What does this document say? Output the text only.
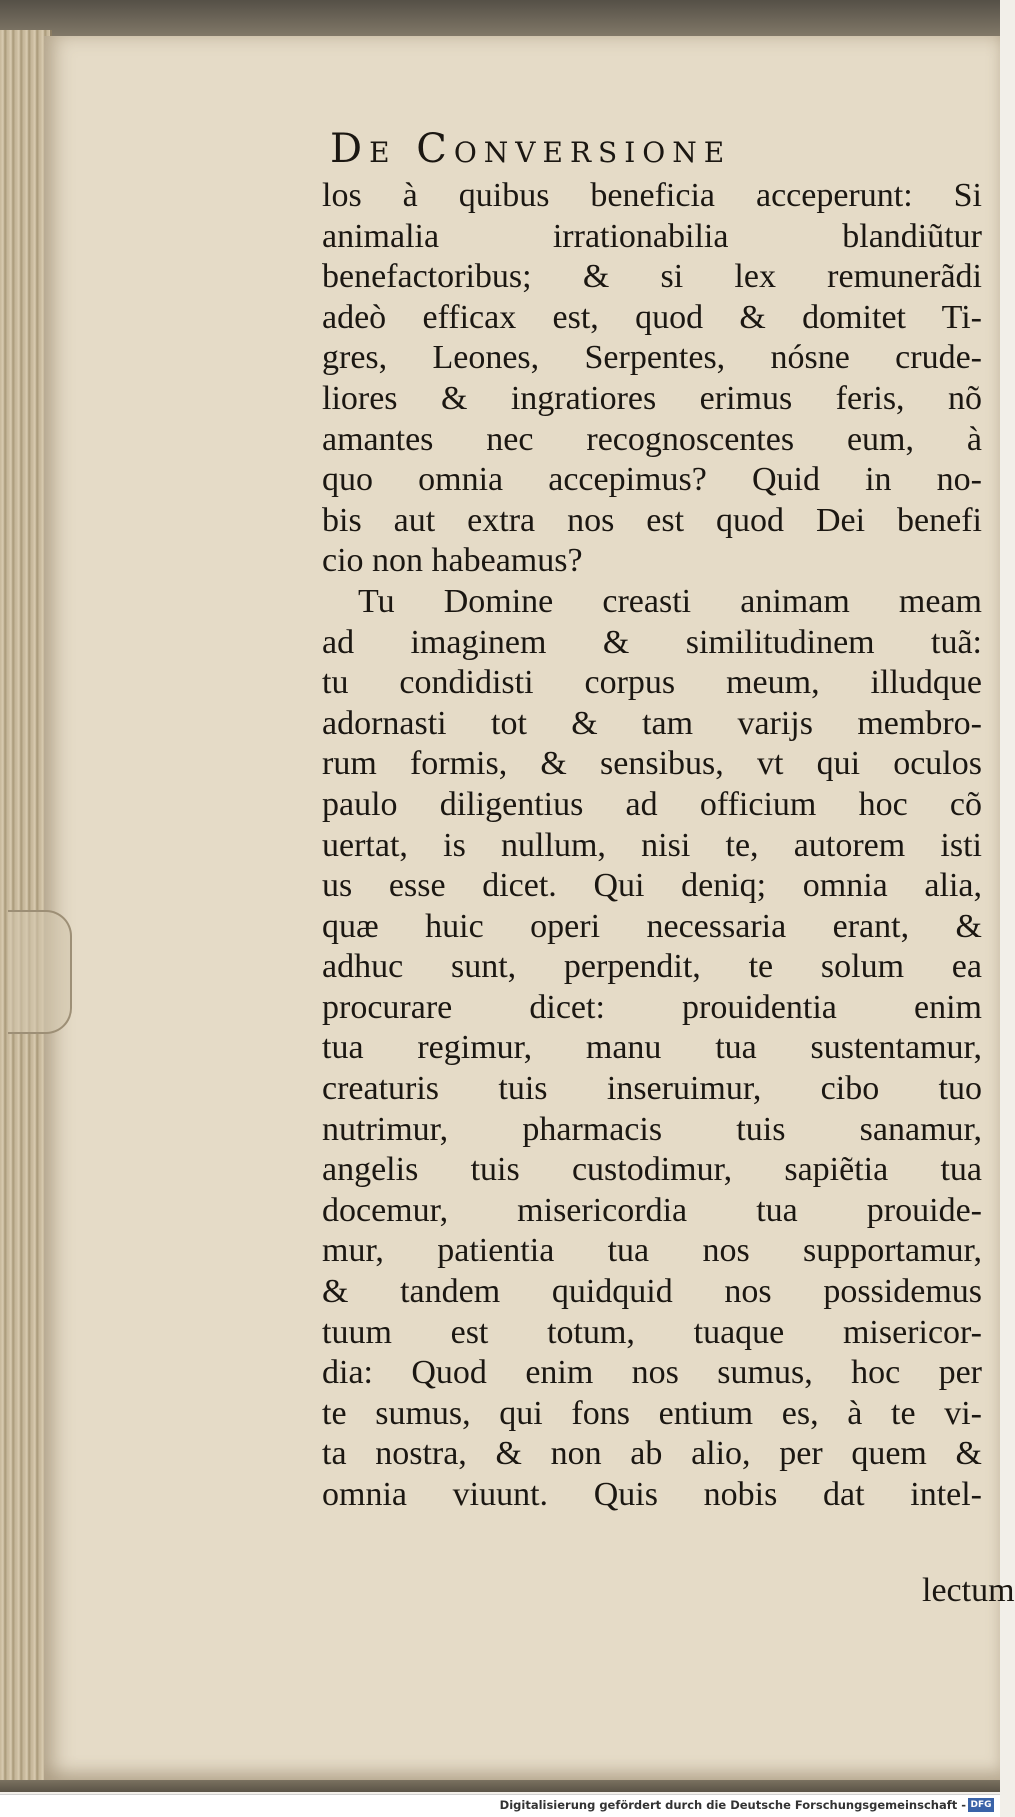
De Conversione
los à quibus beneficia acceperunt: Si
animalia irrationabilia blandiũtur
benefactoribus; & si lex remunerãdi
adeò efficax est, quod & domitet Ti-
gres, Leones, Serpentes, nósne crude-
liores & ingratiores erimus feris, nõ
amantes nec recognoscentes eum, à
quo omnia accepimus? Quid in no-
bis aut extra nos est quod Dei benefi
cio non habeamus?
Tu Domine creasti animam meam
ad imaginem & similitudinem tuã:
tu condidisti corpus meum, illudque
adornasti tot & tam varijs membro-
rum formis, & sensibus, vt qui oculos
paulo diligentius ad officium hoc cõ
uertat, is nullum, nisi te, autorem isti
us esse dicet. Qui deniq; omnia alia,
quæ huic operi necessaria erant, &
adhuc sunt, perpendit, te solum ea
procurare dicet: prouidentia enim
tua regimur, manu tua sustentamur,
creaturis tuis inseruimur, cibo tuo
nutrimur, pharmacis tuis sanamur,
angelis tuis custodimur, sapiẽtia tua
docemur, misericordia tua prouide-
mur, patientia tua nos supportamur,
& tandem quidquid nos possidemus
tuum est totum, tuaque misericor-
dia: Quod enim nos sumus, hoc per
te sumus, qui fons entium es, à te vi-
ta nostra, & non ab alio, per quem &
omnia viuunt. Quis nobis dat intel-
lectum
Digitalisierung gefördert durch die Deutsche Forschungsgemeinschaft - DFG
